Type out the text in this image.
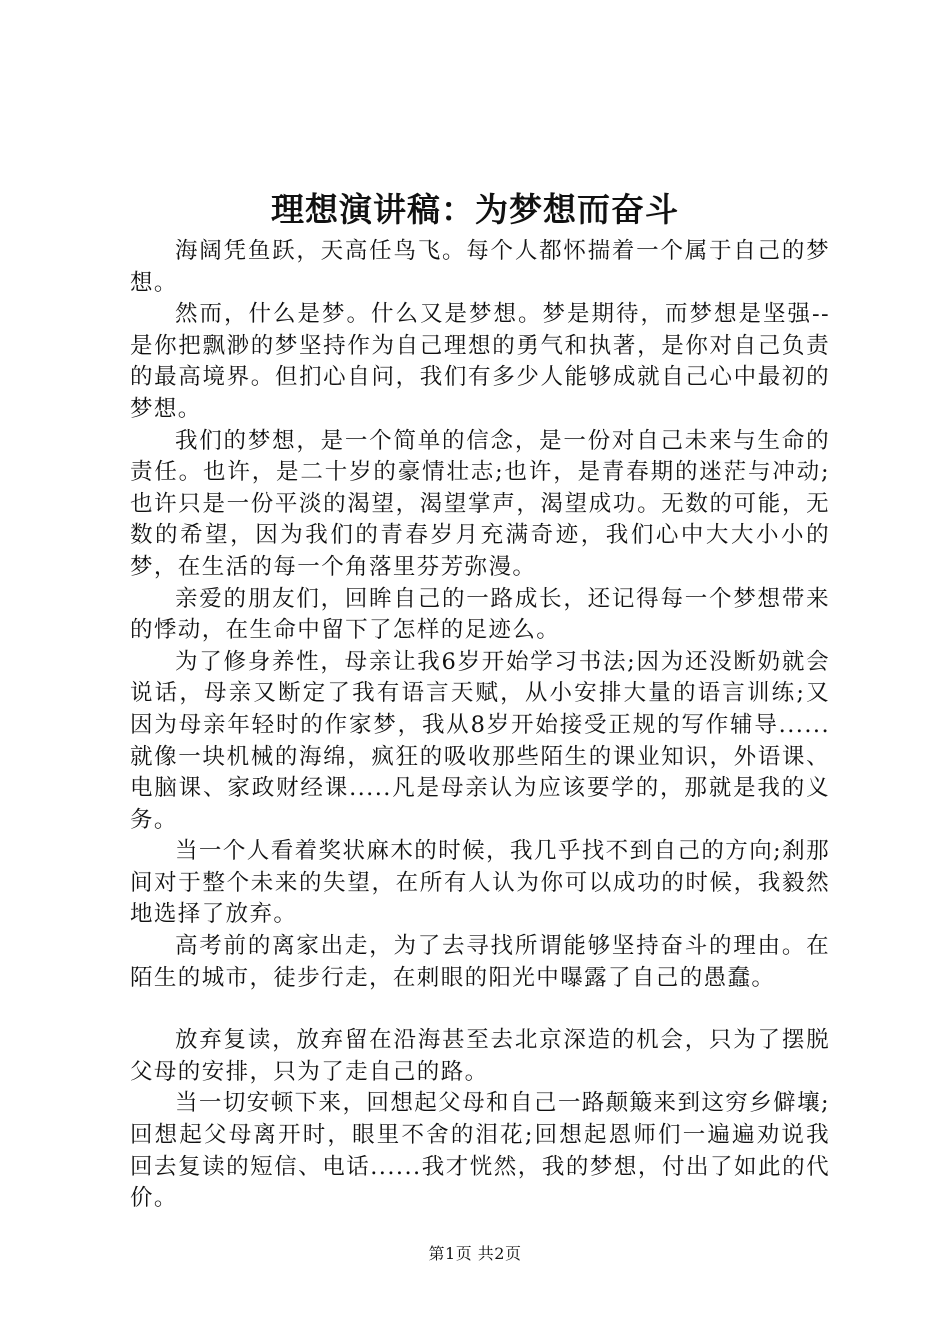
理想演讲稿：为梦想而奋斗

海阔凭鱼跃，天高任鸟飞。每个人都怀揣着一个属于自己的梦想。

然而，什么是梦。什么又是梦想。梦是期待，而梦想是坚强--是你把飘渺的梦坚持作为自己理想的勇气和执著，是你对自己负责的最高境界。但扪心自问，我们有多少人能够成就自己心中最初的梦想。

我们的梦想，是一个简单的信念，是一份对自己未来与生命的责任。也许，是二十岁的豪情壮志;也许，是青春期的迷茫与冲动;也许只是一份平淡的渴望，渴望掌声，渴望成功。无数的可能，无数的希望，因为我们的青春岁月充满奇迹，我们心中大大小小的梦，在生活的每一个角落里芬芳弥漫。

亲爱的朋友们，回眸自己的一路成长，还记得每一个梦想带来的悸动，在生命中留下了怎样的足迹么。

为了修身养性，母亲让我6岁开始学习书法;因为还没断奶就会说话，母亲又断定了我有语言天赋，从小安排大量的语言训练;又因为母亲年轻时的作家梦，我从8岁开始接受正规的写作辅导......就像一块机械的海绵，疯狂的吸收那些陌生的课业知识，外语课、电脑课、家政财经课.....凡是母亲认为应该要学的，那就是我的义务。

当一个人看着奖状麻木的时候，我几乎找不到自己的方向;刹那间对于整个未来的失望，在所有人认为你可以成功的时候，我毅然地选择了放弃。

高考前的离家出走，为了去寻找所谓能够坚持奋斗的理由。在陌生的城市，徒步行走，在刺眼的阳光中曝露了自己的愚蠢。

放弃复读，放弃留在沿海甚至去北京深造的机会，只为了摆脱父母的安排，只为了走自己的路。

当一切安顿下来，回想起父母和自己一路颠簸来到这穷乡僻壤;回想起父母离开时，眼里不舍的泪花;回想起恩师们一遍遍劝说我回去复读的短信、电话......我才恍然，我的梦想，付出了如此的代价。

第1页 共2页
